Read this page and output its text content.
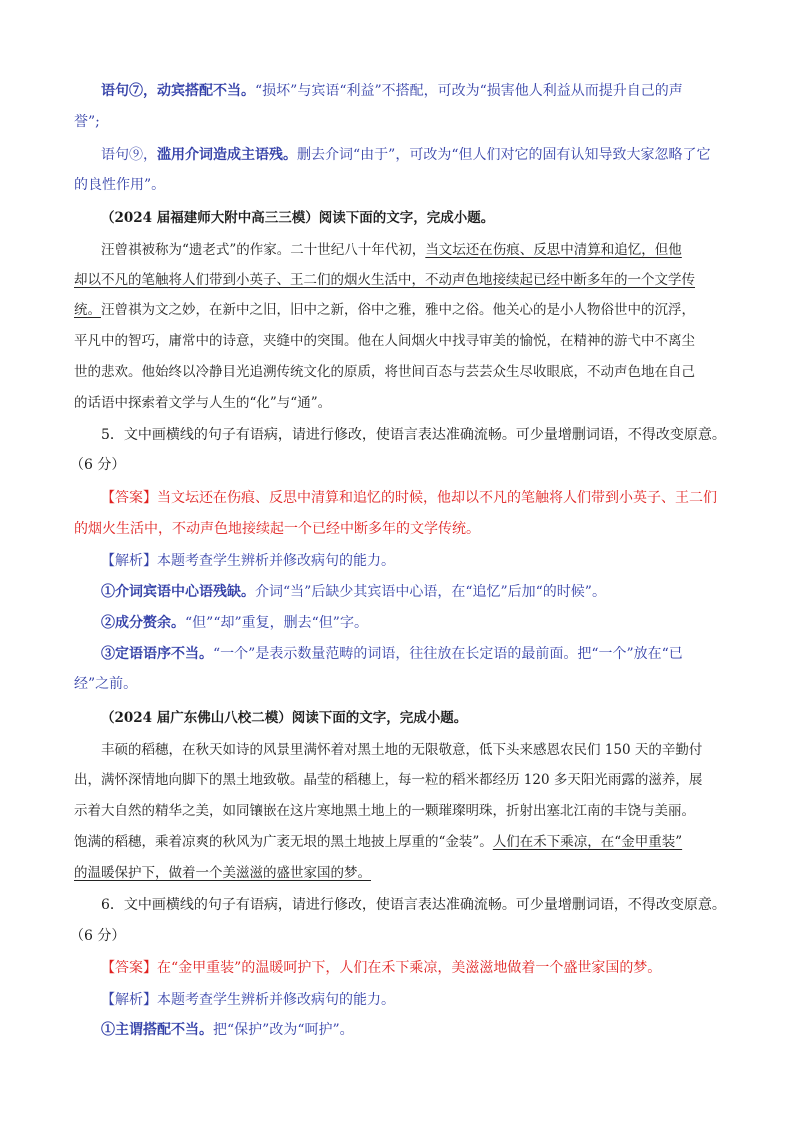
语句⑦，动宾搭配不当。“损坏”与宾语“利益”不搭配，可改为“损害他人利益从而提升自己的声
誉”;
语句⑨，滥用介词造成主语残。删去介词“由于”，可改为“但人们对它的固有认知导致大家忽略了它
的良性作用”。
（2024 届福建师大附中高三三模）阅读下面的文字，完成小题。
汪曾祺被称为“遗老式”的作家。二十世纪八十年代初，当文坛还在伤痕、反思中清算和追忆，但他
却以不凡的笔触将人们带到小英子、王二们的烟火生活中，不动声色地接续起已经中断多年的一个文学传
统。汪曾祺为文之妙，在新中之旧，旧中之新，俗中之雅，雅中之俗。他关心的是小人物俗世中的沉浮，
平凡中的智巧，庸常中的诗意，夹缝中的突围。他在人间烟火中找寻审美的愉悦，在精神的游弋中不离尘
世的悲欢。他始终以冷静目光追溯传统文化的原质，将世间百态与芸芸众生尽收眼底，不动声色地在自己
的话语中探索着文学与人生的“化”与“通”。
5．文中画横线的句子有语病，请进行修改，使语言表达准确流畅。可少量增删词语，不得改变原意。
（6 分）
【答案】当文坛还在伤痕、反思中清算和追忆的时候，他却以不凡的笔触将人们带到小英子、王二们
的烟火生活中，不动声色地接续起一个已经中断多年的文学传统。
【解析】本题考查学生辨析并修改病句的能力。
①介词宾语中心语残缺。介词“当”后缺少其宾语中心语，在“追忆”后加“的时候”。
②成分赘余。“但”“却”重复，删去“但”字。
③定语语序不当。“一个”是表示数量范畴的词语，往往放在长定语的最前面。把“一个”放在“已
经”之前。
（2024 届广东佛山八校二模）阅读下面的文字，完成小题。
丰硕的稻穗，在秋天如诗的风景里满怀着对黑土地的无限敬意，低下头来感恩农民们 150 天的辛勤付
出，满怀深情地向脚下的黑土地致敬。晶莹的稻穗上，每一粒的稻米都经历 120 多天阳光雨露的滋养，展
示着大自然的精华之美，如同镶嵌在这片寒地黑土地上的一颗璀璨明珠，折射出塞北江南的丰饶与美丽。
饱满的稻穗，乘着凉爽的秋风为广袤无垠的黑土地披上厚重的“金装”。人们在禾下乘凉，在“金甲重装”
的温暖保护下，做着一个美滋滋的盛世家国的梦。
6．文中画横线的句子有语病，请进行修改，使语言表达准确流畅。可少量增删词语，不得改变原意。
（6 分）
【答案】在“金甲重装”的温暖呵护下，人们在禾下乘凉，美滋滋地做着一个盛世家国的梦。
【解析】本题考查学生辨析并修改病句的能力。
①主谓搭配不当。把“保护”改为“呵护”。
